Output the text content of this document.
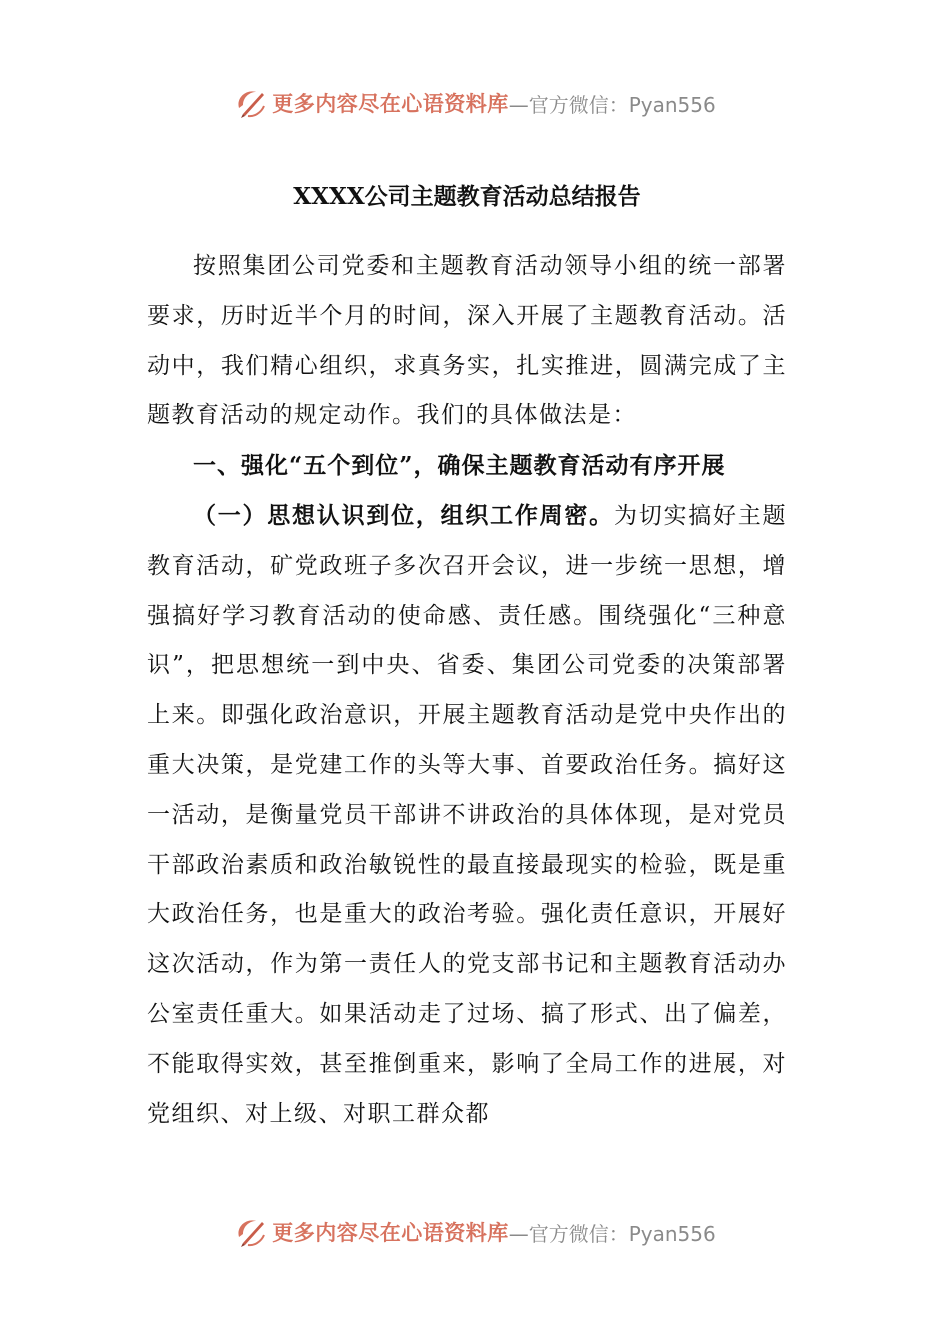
更多内容尽在心语资料库 —官方微信：Pyan556
XXXX公司主题教育活动总结报告

按照集团公司党委和主题教育活动领导小组的统一部署要求，历时近半个月的时间，深入开展了主题教育活动。活动中，我们精心组织，求真务实，扎实推进，圆满完成了主题教育活动的规定动作。我们的具体做法是：

一、强化“五个到位”，确保主题教育活动有序开展

（一）思想认识到位，组织工作周密。为切实搞好主题教育活动，矿党政班子多次召开会议，进一步统一思想，增强搞好学习教育活动的使命感、责任感。围绕强化“三种意识”，把思想统一到中央、省委、集团公司党委的决策部署上来。即强化政治意识，开展主题教育活动是党中央作出的重大决策，是党建工作的头等大事、首要政治任务。搞好这一活动，是衡量党员干部讲不讲政治的具体体现，是对党员干部政治素质和政治敏锐性的最直接最现实的检验，既是重大政治任务，也是重大的政治考验。强化责任意识，开展好这次活动，作为第一责任人的党支部书记和主题教育活动办公室责任重大。如果活动走了过场、搞了形式、出了偏差，不能取得实效，甚至推倒重来，影响了全局工作的进展，对党组织、对上级、对职工群众都

更多内容尽在心语资料库 —官方微信：Pyan556
